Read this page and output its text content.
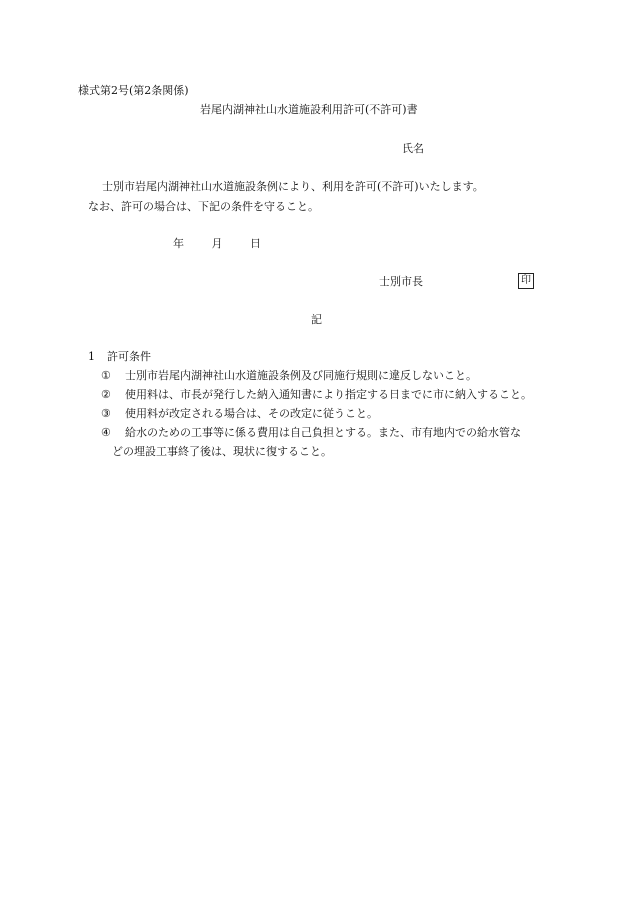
様式第2号(第2条関係)
岩尾内湖神社山水道施設利用許可(不許可)書
氏名
士別市岩尾内湖神社山水道施設条例により、利用を許可(不許可)いたします。
なお、許可の場合は、下記の条件を守ること。
年	月	日
士別市長	印
記
1 許可条件
① 士別市岩尾内湖神社山水道施設条例及び同施行規則に違反しないこと。
② 使用料は、市長が発行した納入通知書により指定する日までに市に納入すること。
③ 使用料が改定される場合は、その改定に従うこと。
④ 給水のための工事等に係る費用は自己負担とする。また、市有地内での給水管な
どの埋設工事終了後は、現状に復すること。
